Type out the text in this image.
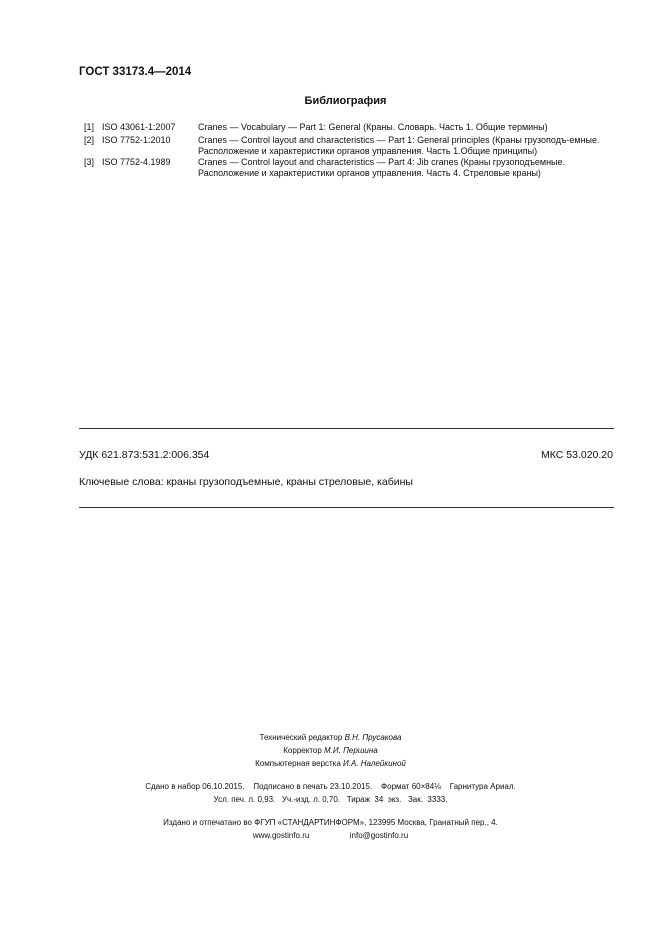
ГОСТ 33173.4—2014
Библиография
[1] ISO 43061-1:2007	Cranes — Vocabulary — Part 1: General (Краны. Словарь. Часть 1. Общие термины)
[2] ISO 7752-1:2010	Cranes — Control layout and characteristics — Part 1: General principles (Краны грузоподъ-емные. Расположение и характеристики органов управления. Часть 1.Общие принципы)
[3] ISO 7752-4.1989	Cranes — Control layout and characteristics — Part 4: Jib cranes (Краны грузоподъемные. Расположение и характеристики органов управления. Часть 4. Стреловые краны)
УДК 621.873:531.2:006.354	МКС 53.020.20
Ключевые слова: краны грузоподъемные, краны стреловые, кабины
Технический редактор В.Н. Прусакова
Корректор М.И. Першина
Компьютерная верстка И.А. Налейкиной
Сдано в набор 06.10.2015.    Подписано в печать 23.10.2015.    Формат 60×84⅛    Гарнитура Ариал.
Усл. печ. л. 0,93.   Уч.-изд. л. 0,70.   Тираж  34  экз.   Зак.  3333.
Издано и отпечатано во ФГУП «СТАНДАРТИНФОРМ», 123995 Москва, Гранатный пер., 4.
www.gostinfo.ru	info@gostinfo.ru
